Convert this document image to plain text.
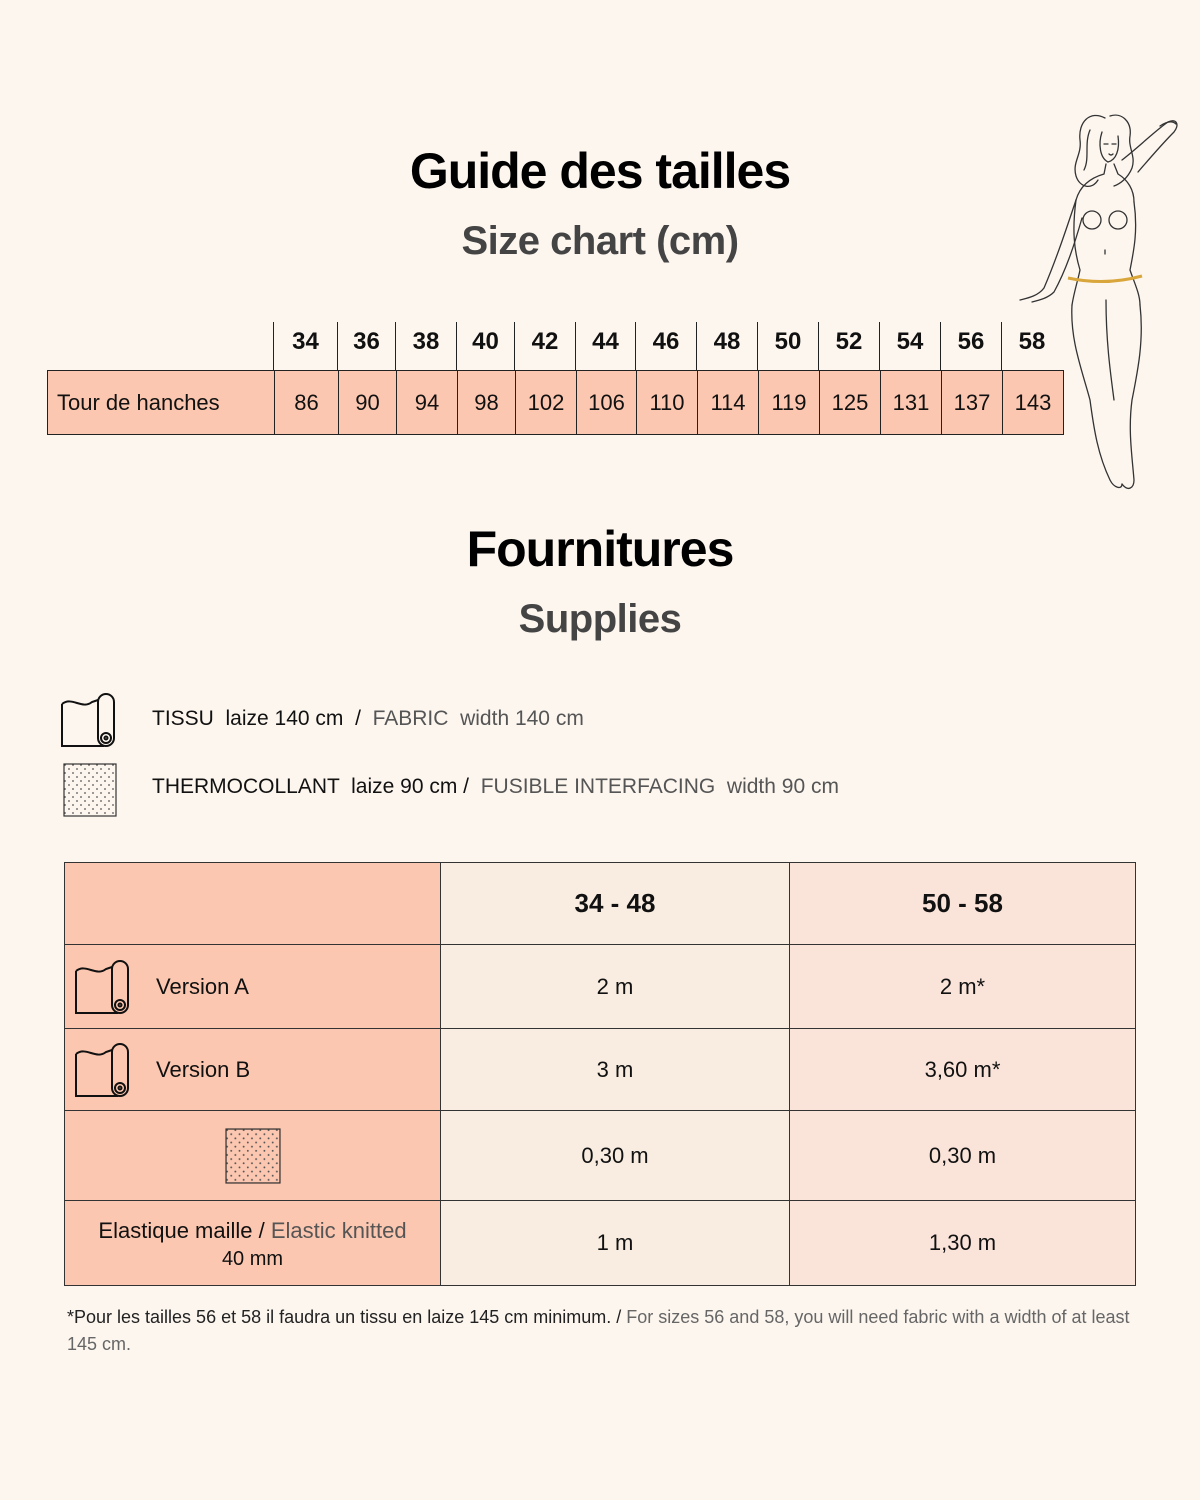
Guide des tailles
Size chart (cm)
34	36	38	40	42	44	46	48	50	52	54	56	58
Tour de hanches	86	90	94	98	102	106	110	114	119	125	131	137	143
Fournitures
Supplies
TISSU  laize 140 cm  /  FABRIC  width 140 cm
THERMOCOLLANT  laize 90 cm /  FUSIBLE INTERFACING  width 90 cm
	34 - 48	50 - 58

Version A	2 m	2 m*

Version B	3 m	3,60 m*

	0,30 m	0,30 m

Elastique maille / Elastic knitted
40 mm	1 m	1,30 m
*Pour les tailles 56 et 58 il faudra un tissu en laize 145 cm minimum. / For sizes 56 and 58, you will need fabric with a width of at least 145 cm.
